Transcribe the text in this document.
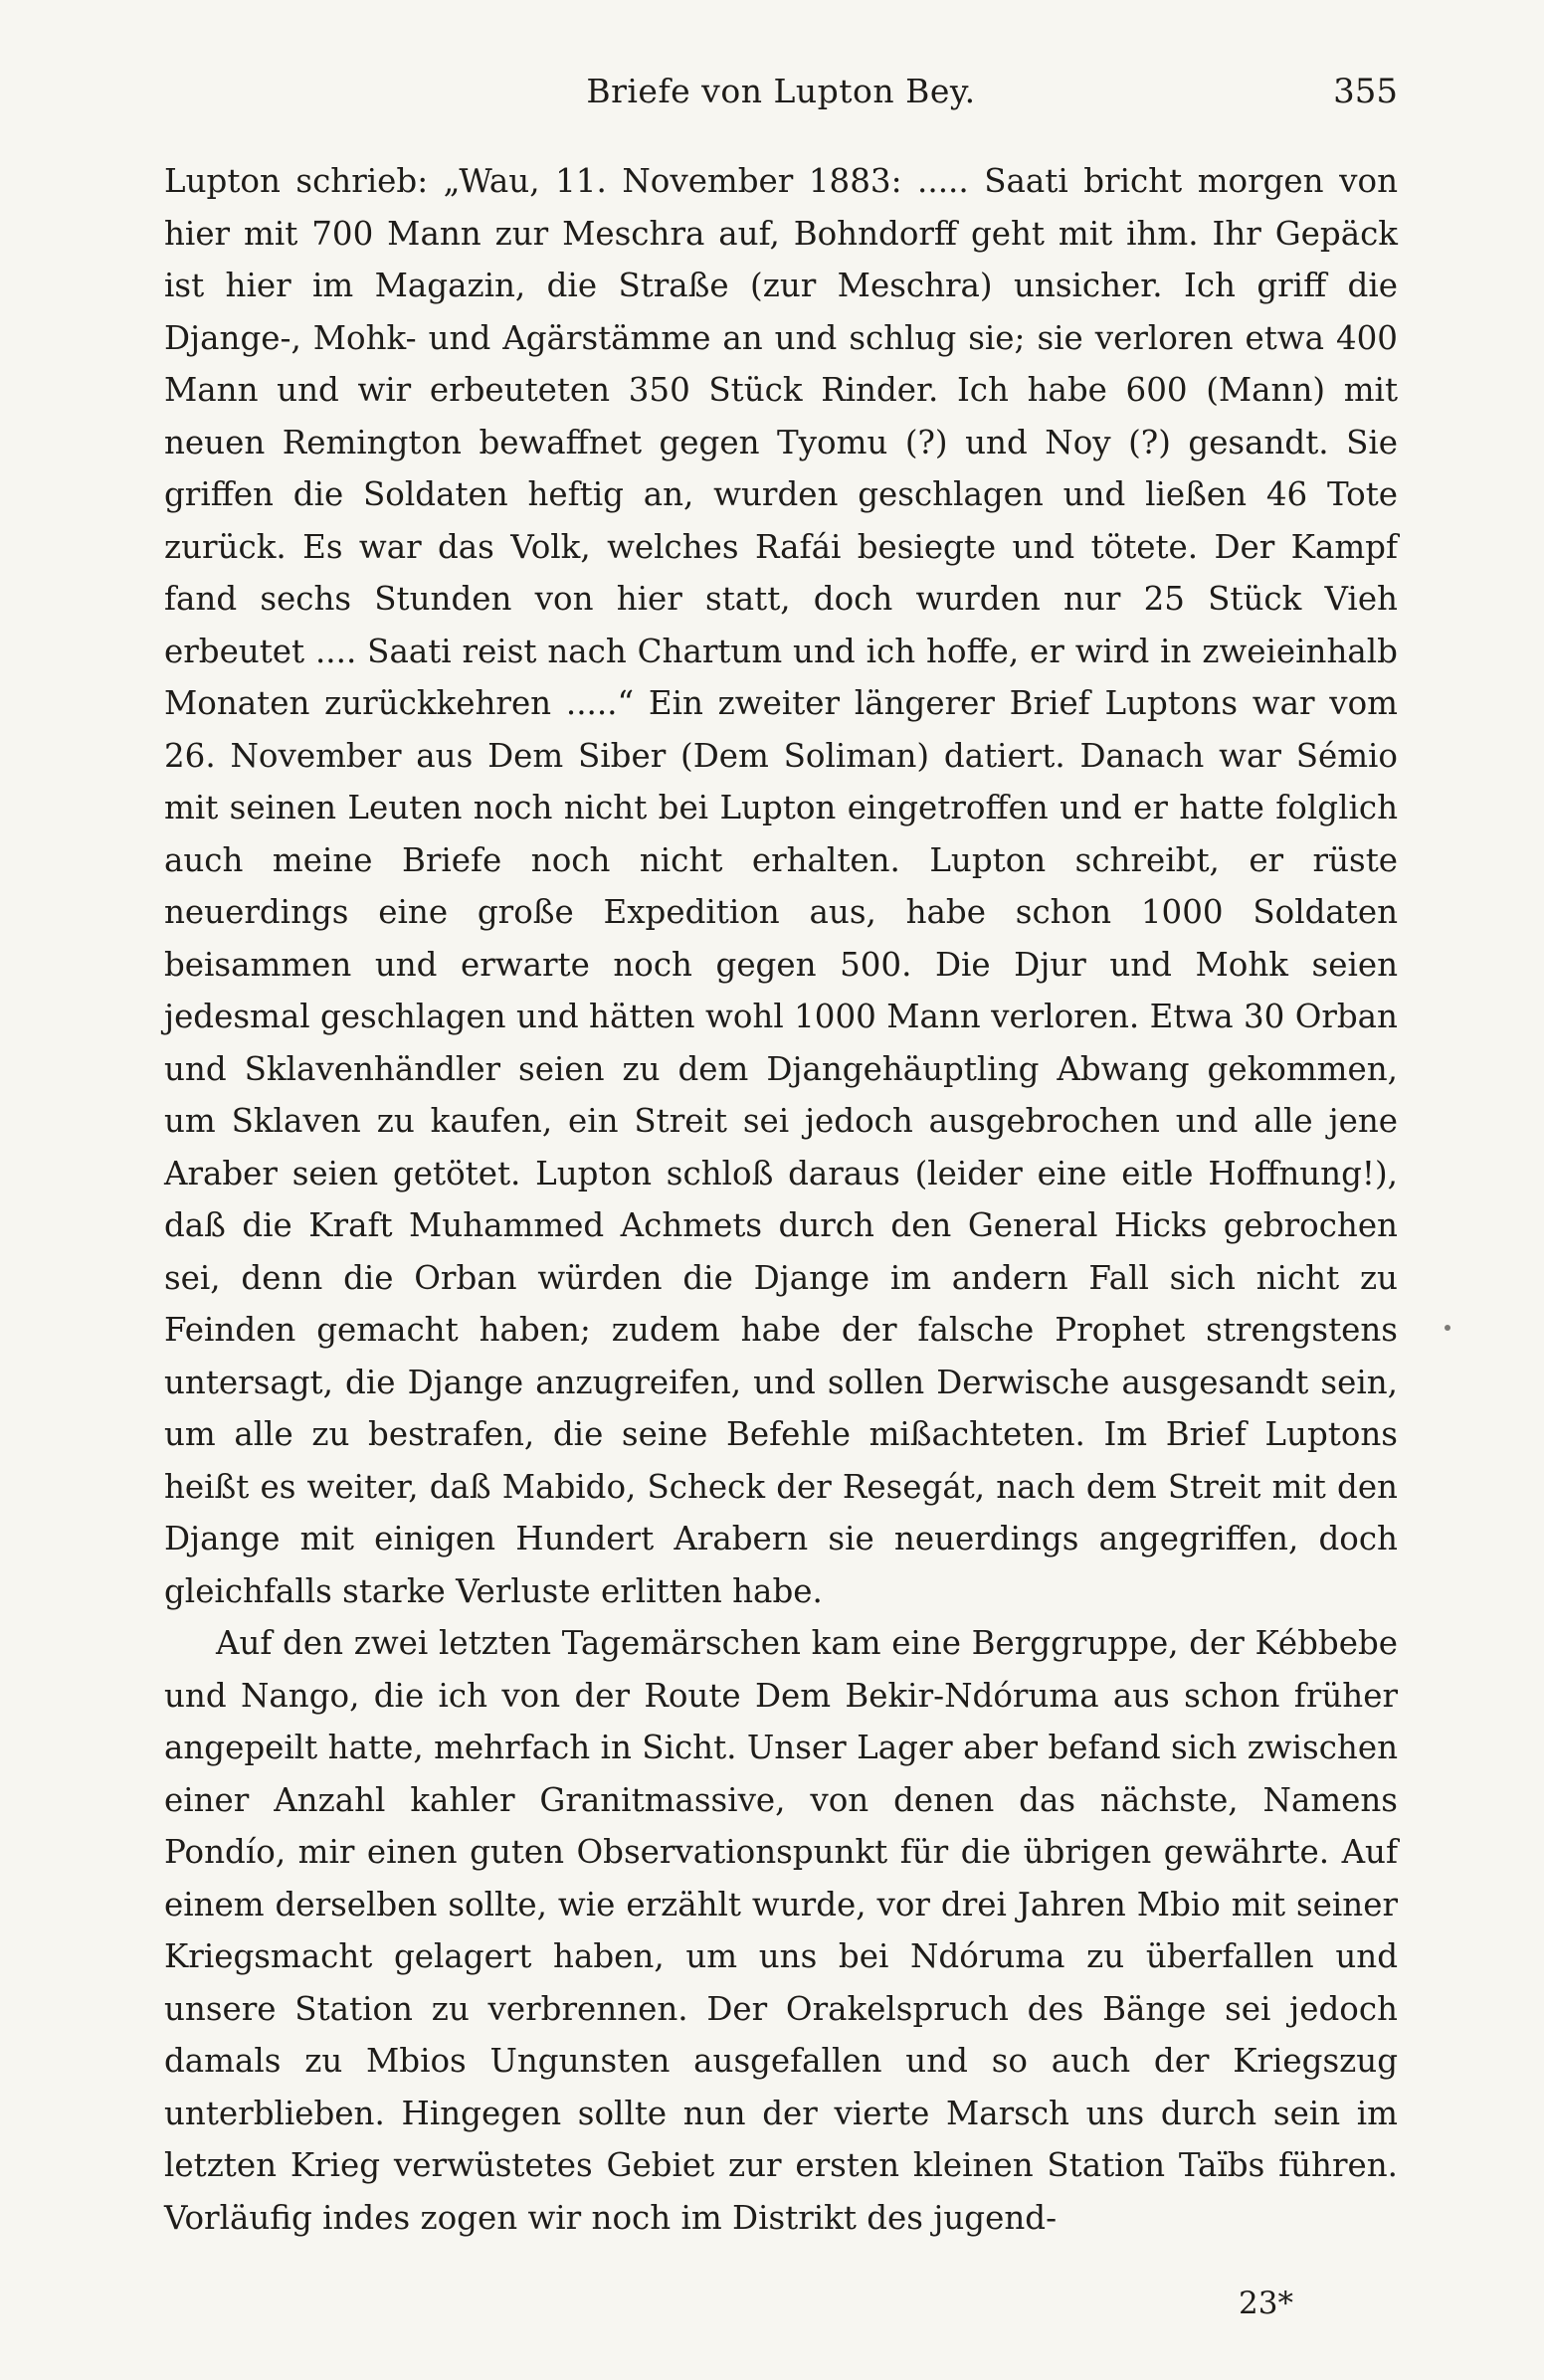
Briefe von Lupton Bey.	355

Lupton schrieb: „Wau, 11. November 1883: ..... Saati bricht morgen von hier mit 700 Mann zur Meschra auf, Bohndorff geht mit ihm. Ihr Gepäck ist hier im Magazin, die Straße (zur Meschra) unsicher. Ich griff die Djange-, Mohk- und Agärstämme an und schlug sie; sie verloren etwa 400 Mann und wir erbeuteten 350 Stück Rinder. Ich habe 600 (Mann) mit neuen Remington bewaffnet gegen Tyomu (?) und Noy (?) gesandt. Sie griffen die Soldaten heftig an, wurden geschlagen und ließen 46 Tote zurück. Es war das Volk, welches Rafái besiegte und tötete. Der Kampf fand sechs Stunden von hier statt, doch wurden nur 25 Stück Vieh erbeutet .... Saati reist nach Chartum und ich hoffe, er wird in zweieinhalb Monaten zurückkehren .....“ Ein zweiter längerer Brief Luptons war vom 26. November aus Dem Siber (Dem Soliman) datiert. Danach war Sémio mit seinen Leuten noch nicht bei Lupton eingetroffen und er hatte folglich auch meine Briefe noch nicht erhalten. Lupton schreibt, er rüste neuerdings eine große Expedition aus, habe schon 1000 Soldaten beisammen und erwarte noch gegen 500. Die Djur und Mohk seien jedesmal geschlagen und hätten wohl 1000 Mann verloren. Etwa 30 Orban und Sklavenhändler seien zu dem Djangehäuptling Abwang gekommen, um Sklaven zu kaufen, ein Streit sei jedoch ausgebrochen und alle jene Araber seien getötet. Lupton schloß daraus (leider eine eitle Hoffnung!), daß die Kraft Muhammed Achmets durch den General Hicks gebrochen sei, denn die Orban würden die Djange im andern Fall sich nicht zu Feinden gemacht haben; zudem habe der falsche Prophet strengstens untersagt, die Djange anzugreifen, und sollen Derwische ausgesandt sein, um alle zu bestrafen, die seine Befehle mißachteten. Im Brief Luptons heißt es weiter, daß Mabido, Scheck der Resegát, nach dem Streit mit den Djange mit einigen Hundert Arabern sie neuerdings angegriffen, doch gleichfalls starke Verluste erlitten habe.

Auf den zwei letzten Tagemärschen kam eine Berggruppe, der Kébbebe und Nango, die ich von der Route Dem Bekir-Ndóruma aus schon früher angepeilt hatte, mehrfach in Sicht. Unser Lager aber befand sich zwischen einer Anzahl kahler Granitmassive, von denen das nächste, Namens Pondío, mir einen guten Observationspunkt für die übrigen gewährte. Auf einem derselben sollte, wie erzählt wurde, vor drei Jahren Mbio mit seiner Kriegsmacht gelagert haben, um uns bei Ndóruma zu überfallen und unsere Station zu verbrennen. Der Orakelspruch des Bänge sei jedoch damals zu Mbios Ungunsten ausgefallen und so auch der Kriegszug unterblieben. Hingegen sollte nun der vierte Marsch uns durch sein im letzten Krieg verwüstetes Gebiet zur ersten kleinen Station Taïbs führen. Vorläufig indes zogen wir noch im Distrikt des jugend-

23*
